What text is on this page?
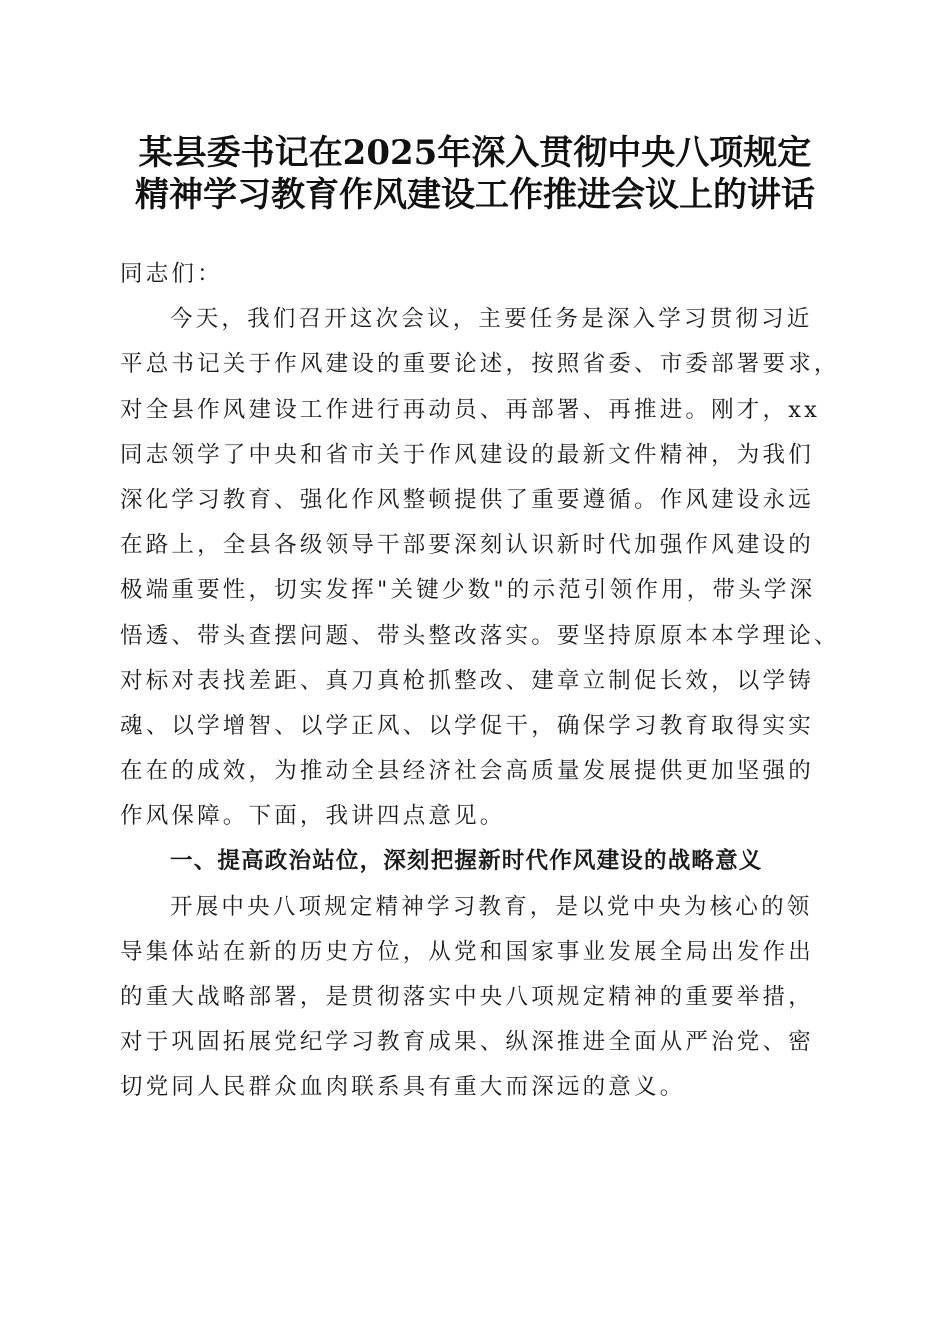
某县委书记在2025年深入贯彻中央八项规定
精神学习教育作风建设工作推进会议上的讲话
同志们：
今天，我们召开这次会议，主要任务是深入学习贯彻习近
平总书记关于作风建设的重要论述，按照省委、市委部署要求，
对全县作风建设工作进行再动员、再部署、再推进。刚才，xx
同志领学了中央和省市关于作风建设的最新文件精神，为我们
深化学习教育、强化作风整顿提供了重要遵循。作风建设永远
在路上，全县各级领导干部要深刻认识新时代加强作风建设的
极端重要性，切实发挥"关键少数"的示范引领作用，带头学深
悟透、带头查摆问题、带头整改落实。要坚持原原本本学理论、
对标对表找差距、真刀真枪抓整改、建章立制促长效，以学铸
魂、以学增智、以学正风、以学促干，确保学习教育取得实实
在在的成效，为推动全县经济社会高质量发展提供更加坚强的
作风保障。下面，我讲四点意见。
一、提高政治站位，深刻把握新时代作风建设的战略意义
开展中央八项规定精神学习教育，是以党中央为核心的领
导集体站在新的历史方位，从党和国家事业发展全局出发作出
的重大战略部署，是贯彻落实中央八项规定精神的重要举措，
对于巩固拓展党纪学习教育成果、纵深推进全面从严治党、密
切党同人民群众血肉联系具有重大而深远的意义。
